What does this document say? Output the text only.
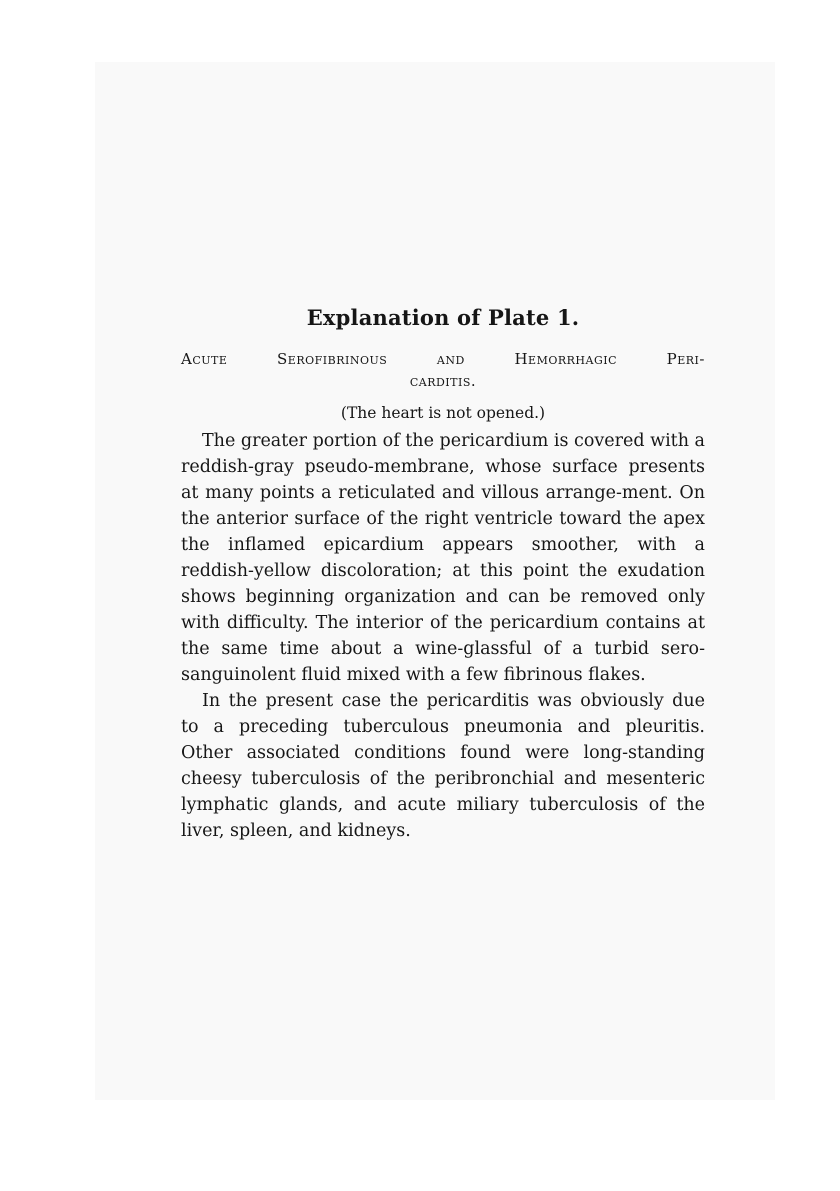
Explanation of Plate 1.
Acute	Serofibrinous	and	Hemorrhagic	Peri-
carditis.
(The heart is not opened.)

The greater portion of the pericardium is covered with a reddish-gray pseudo-membrane, whose surface presents at many points a reticulated and villous arrange-ment. On the anterior surface of the right ventricle toward the apex the inflamed epicardium appears smoother, with a reddish-yellow discoloration; at this point the exudation shows beginning organization and can be removed only with difficulty. The interior of the pericardium contains at the same time about a wine-glassful of a turbid sero-sanguinolent fluid mixed with a few fibrinous flakes.

In the present case the pericarditis was obviously due to a preceding tuberculous pneumonia and pleuritis. Other associated conditions found were long-standing cheesy tuberculosis of the peribronchial and mesenteric lymphatic glands, and acute miliary tuberculosis of the liver, spleen, and kidneys.
